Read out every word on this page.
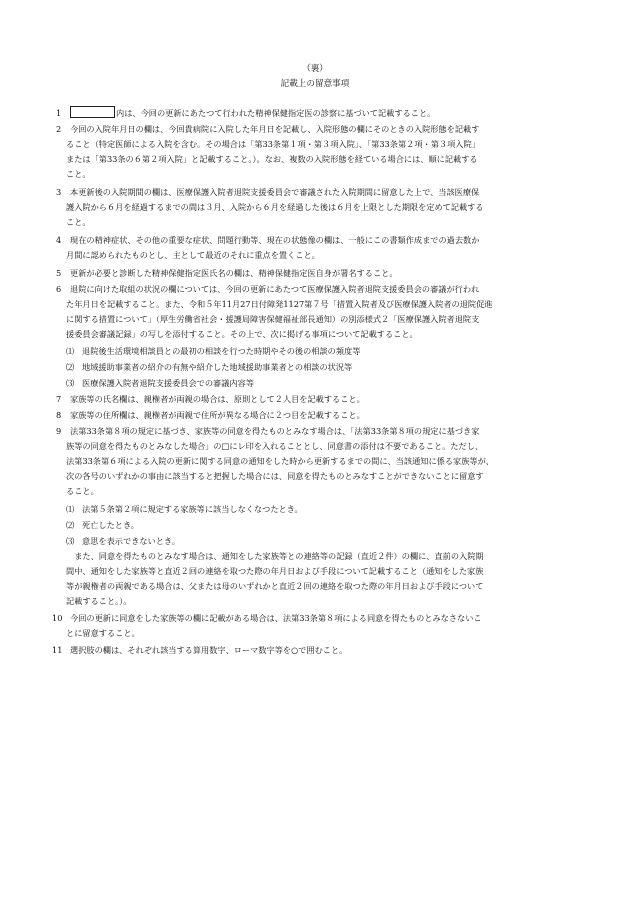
（裏）
記載上の留意事項
1	内は、今回の更新にあたつて行われた精神保健指定医の診察に基づいて記載すること。
2	今回の入院年月日の欄は、今回貴病院に入院した年月日を記載し、入院形態の欄にそのときの入院形態を記載す
ること（特定医師による入院を含む。その場合は「第33条第１項・第３項入院」、「第33条第２項・第３項入院」
または「第33条の６第２項入院」と記載すること。）。なお、複数の入院形態を経ている場合には、順に記載する
こと。
3	本更新後の入院期間の欄は、医療保護入院者退院支援委員会で審議された入院期間に留意した上で、当該医療保
護入院から６月を経過するまでの間は３月、入院から６月を経過した後は６月を上限とした期限を定めて記載する
こと。
4	現在の精神症状、その他の重要な症状、問題行動等、現在の状態像の欄は、一般にこの書類作成までの過去数か
月間に認められたものとし、主として最近のそれに重点を置くこと。
5	更新が必要と診断した精神保健指定医氏名の欄は、精神保健指定医自身が署名すること。
6	退院に向けた取組の状況の欄については、今回の更新にあたつて医療保護入院者退院支援委員会の審議が行われ
た年月日を記載すること。また、令和５年11月27日付障発1127第７号「措置入院者及び医療保護入院者の退院促進
に関する措置について」（厚生労働省社会・援護局障害保健福祉部長通知）の別添様式２「医療保護入院者退院支
援委員会審議記録」の写しを添付すること。その上で、次に掲げる事項について記載すること。
⑴ 退院後生活環境相談員との最初の相談を行つた時期やその後の相談の頻度等
⑵ 地域援助事業者の紹介の有無や紹介した地域援助事業者との相談の状況等
⑶ 医療保護入院者退院支援委員会での審議内容等
7	家族等の氏名欄は、親権者が両親の場合は、原則として２人目を記載すること。
8	家族等の住所欄は、親権者が両親で住所が異なる場合に２つ目を記載すること。
9	法第33条第８項の規定に基づき、家族等の同意を得たものとみなす場合は、「法第33条第８項の規定に基づき家
族等の同意を得たものとみなした場合」の□にレ印を入れることとし、同意書の添付は不要であること。ただし、
法第33条第６項による入院の更新に関する同意の通知をした時から更新するまでの間に、当該通知に係る家族等が、
次の各号のいずれかの事由に該当すると把握した場合には、同意を得たものとみなすことができないことに留意す
ること。
⑴ 法第５条第２項に規定する家族等に該当しなくなつたとき。
⑵ 死亡したとき。
⑶ 意思を表示できないとき。
　また、同意を得たものとみなす場合は、通知をした家族等との連絡等の記録（直近２件）の欄に、直前の入院期
間中、通知をした家族等と直近２回の連絡を取つた際の年月日および手段について記載すること（通知をした家族
等が親権者の両親である場合は、父または母のいずれかと直近２回の連絡を取つた際の年月日および手段について
記載すること。）。
10 今回の更新に同意をした家族等の欄に記載がある場合は、法第33条第８項による同意を得たものとみなさないこ
とに留意すること。
11 選択肢の欄は、それぞれ該当する算用数字、ローマ数字等を○で囲むこと。
